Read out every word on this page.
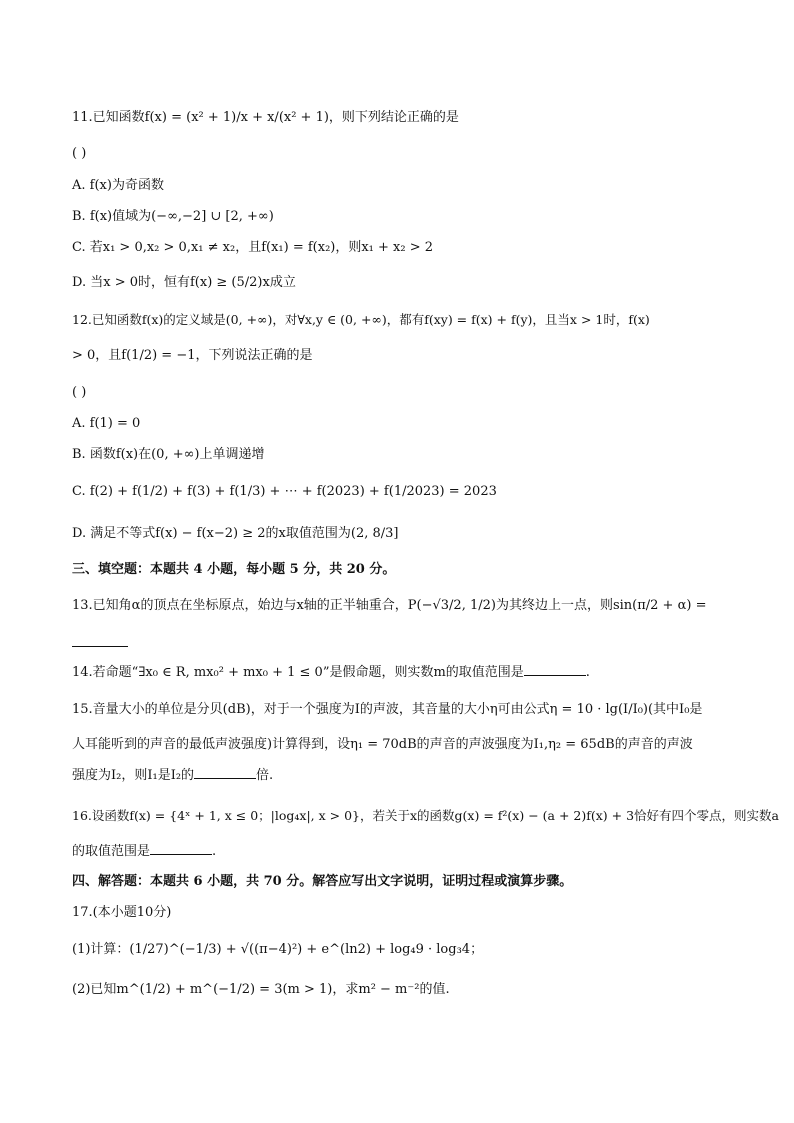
11.已知函数f(x) = (x² + 1)/x + x/(x² + 1)，则下列结论正确的是
( )
A. f(x)为奇函数
B. f(x)值域为(−∞,−2] ∪ [2, +∞)
C. 若x₁ > 0,x₂ > 0,x₁ ≠ x₂，且f(x₁) = f(x₂)，则x₁ + x₂ > 2
D. 当x > 0时，恒有f(x) ≥ (5/2)x成立
12.已知函数f(x)的定义域是(0, +∞)，对∀x,y ∈ (0, +∞)，都有f(xy) = f(x) + f(y)，且当x > 1时，f(x)
> 0，且f(1/2) = −1，下列说法正确的是
( )
A. f(1) = 0
B. 函数f(x)在(0, +∞)上单调递增
C. f(2) + f(1/2) + f(3) + f(1/3) + ⋯ + f(2023) + f(1/2023) = 2023
D. 满足不等式f(x) − f(x−2) ≥ 2的x取值范围为(2, 8/3]
三、填空题：本题共 4 小题，每小题 5 分，共 20 分。
13.已知角α的顶点在坐标原点，始边与x轴的正半轴重合，P(−√3/2, 1/2)为其终边上一点，则sin(π/2 + α) =
14.若命题“∃x₀ ∈ R, mx₀² + mx₀ + 1 ≤ 0”是假命题，则实数m的取值范围是	.
15.音量大小的单位是分贝(dB)，对于一个强度为I的声波，其音量的大小η可由公式η = 10 · lg(I/I₀)(其中I₀是
人耳能听到的声音的最低声波强度)计算得到，设η₁ = 70dB的声音的声波强度为I₁,η₂ = 65dB的声音的声波
强度为I₂，则I₁是I₂的	倍.
16.设函数f(x) = {4ˣ + 1, x ≤ 0；|log₄x|, x > 0}，若关于x的函数g(x) = f²(x) − (a + 2)f(x) + 3恰好有四个零点，则实数a
的取值范围是	.
四、解答题：本题共 6 小题，共 70 分。解答应写出文字说明，证明过程或演算步骤。
17.(本小题10分)
(1)计算：(1/27)^(−1/3) + √((π−4)²) + e^(ln2) + log₄9 · log₃4；
(2)已知m^(1/2) + m^(−1/2) = 3(m > 1)，求m² − m⁻²的值.
